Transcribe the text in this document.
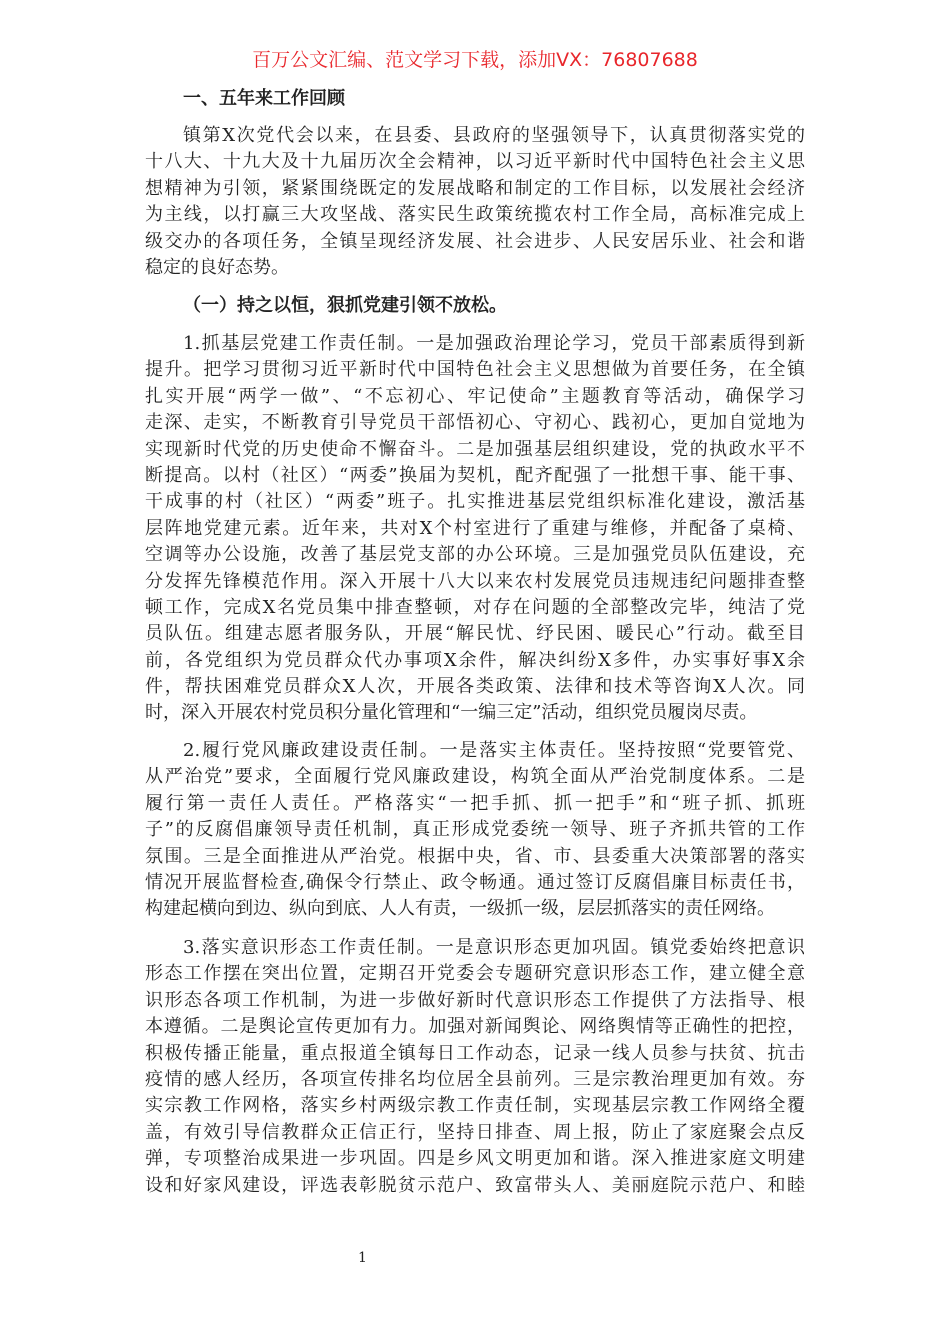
百万公文汇编、范文学习下载，添加VX：76807688
一、五年来工作回顾
镇第X次党代会以来，在县委、县政府的坚强领导下，认真贯彻落实党的
十八大、十九大及十九届历次全会精神，以习近平新时代中国特色社会主义思
想精神为引领，紧紧围绕既定的发展战略和制定的工作目标，以发展社会经济
为主线，以打赢三大攻坚战、落实民生政策统揽农村工作全局，高标准完成上
级交办的各项任务，全镇呈现经济发展、社会进步、人民安居乐业、社会和谐
稳定的良好态势。
（一）持之以恒，狠抓党建引领不放松。
1.抓基层党建工作责任制。一是加强政治理论学习，党员干部素质得到新
提升。把学习贯彻习近平新时代中国特色社会主义思想做为首要任务，在全镇
扎实开展“两学一做”、“不忘初心、牢记使命”主题教育等活动，确保学习
走深、走实，不断教育引导党员干部悟初心、守初心、践初心，更加自觉地为
实现新时代党的历史使命不懈奋斗。二是加强基层组织建设，党的执政水平不
断提高。以村（社区）“两委”换届为契机，配齐配强了一批想干事、能干事、
干成事的村（社区）“两委”班子。扎实推进基层党组织标准化建设，激活基
层阵地党建元素。近年来，共对X个村室进行了重建与维修，并配备了桌椅、
空调等办公设施，改善了基层党支部的办公环境。三是加强党员队伍建设，充
分发挥先锋模范作用。深入开展十八大以来农村发展党员违规违纪问题排查整
顿工作，完成X名党员集中排查整顿，对存在问题的全部整改完毕，纯洁了党
员队伍。组建志愿者服务队，开展“解民忧、纾民困、暖民心”行动。截至目
前，各党组织为党员群众代办事项X余件，解决纠纷X多件，办实事好事X余
件，帮扶困难党员群众X人次，开展各类政策、法律和技术等咨询X人次。同
时，深入开展农村党员积分量化管理和“一编三定”活动，组织党员履岗尽责。
2.履行党风廉政建设责任制。一是落实主体责任。坚持按照“党要管党、
从严治党”要求，全面履行党风廉政建设，构筑全面从严治党制度体系。二是
履行第一责任人责任。严格落实“一把手抓、抓一把手”和“班子抓、抓班
子”的反腐倡廉领导责任机制，真正形成党委统一领导、班子齐抓共管的工作
氛围。三是全面推进从严治党。根据中央，省、市、县委重大决策部署的落实
情况开展监督检查,确保令行禁止、政令畅通。通过签订反腐倡廉目标责任书，
构建起横向到边、纵向到底、人人有责，一级抓一级，层层抓落实的责任网络。
3.落实意识形态工作责任制。一是意识形态更加巩固。镇党委始终把意识
形态工作摆在突出位置，定期召开党委会专题研究意识形态工作，建立健全意
识形态各项工作机制，为进一步做好新时代意识形态工作提供了方法指导、根
本遵循。二是舆论宣传更加有力。加强对新闻舆论、网络舆情等正确性的把控，
积极传播正能量，重点报道全镇每日工作动态，记录一线人员参与扶贫、抗击
疫情的感人经历，各项宣传排名均位居全县前列。三是宗教治理更加有效。夯
实宗教工作网格，落实乡村两级宗教工作责任制，实现基层宗教工作网络全覆
盖，有效引导信教群众正信正行，坚持日排查、周上报，防止了家庭聚会点反
弹，专项整治成果进一步巩固。四是乡风文明更加和谐。深入推进家庭文明建
设和好家风建设，评选表彰脱贫示范户、致富带头人、美丽庭院示范户、和睦
1
